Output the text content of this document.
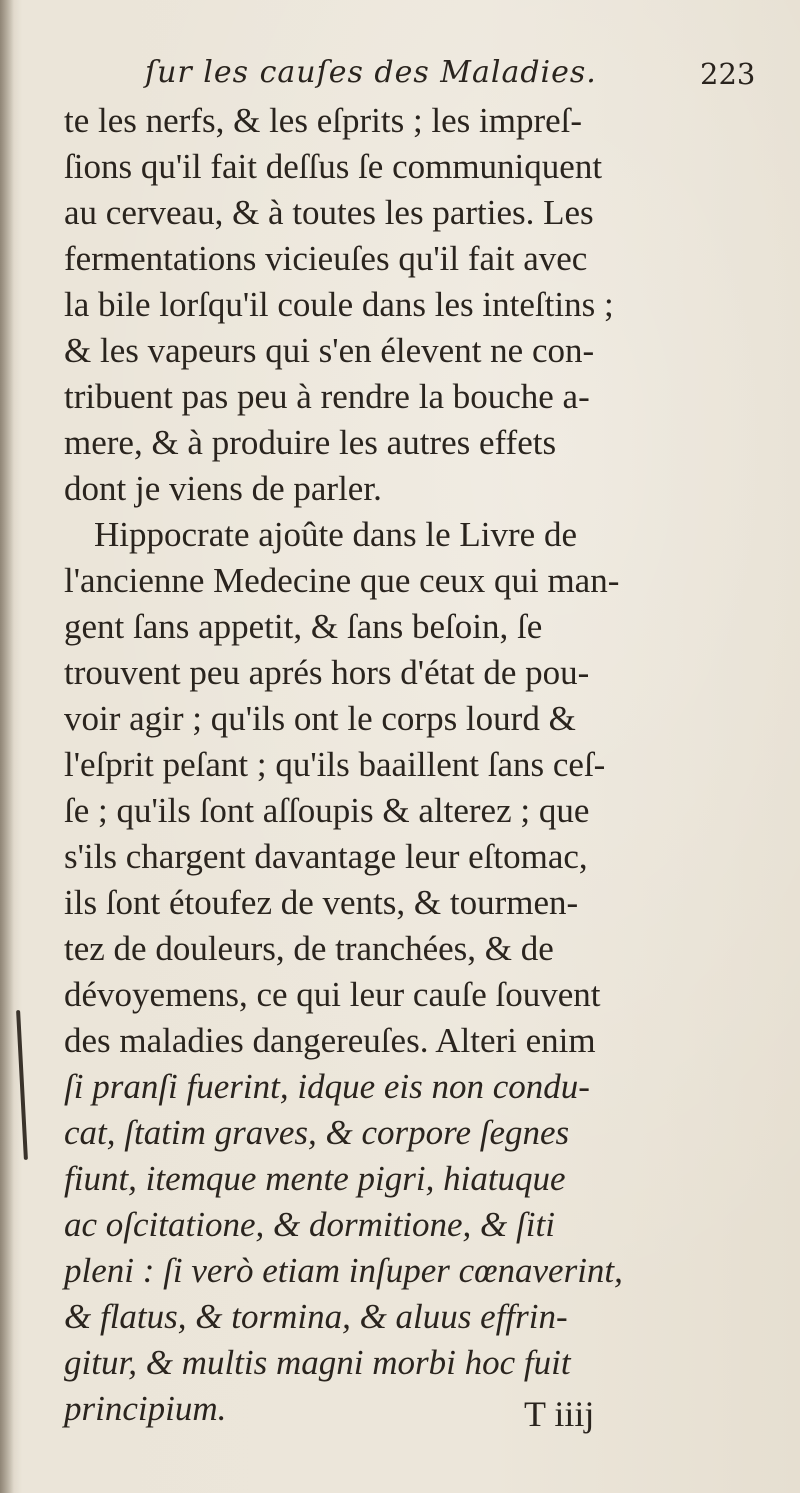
ſur les cauſes des Maladies.	223
te les nerfs, & les eſprits ; les impreſ-
ſions qu'il fait deſſus ſe communiquent
au cerveau, & à toutes les parties. Les
fermentations vicieuſes qu'il fait avec
la bile lorſqu'il coule dans les inteſtins ;
& les vapeurs qui s'en élevent ne con-
tribuent pas peu à rendre la bouche a-
mere, & à produire les autres effets
dont je viens de parler.
Hippocrate ajoûte dans le Livre de
l'ancienne Medecine que ceux qui man-
gent ſans appetit, & ſans beſoin, ſe
trouvent peu aprés hors d'état de pou-
voir agir ; qu'ils ont le corps lourd &
l'eſprit peſant ; qu'ils baaillent ſans ceſ-
ſe ; qu'ils ſont aſſoupis & alterez ; que
s'ils chargent davantage leur eſtomac,
ils ſont étoufez de vents, & tourmen-
tez de douleurs, de tranchées, & de
dévoyemens, ce qui leur cauſe ſouvent
des maladies dangereuſes. Alteri enim
ſi pranſi fuerint, idque eis non condu-
cat, ſtatim graves, & corpore ſegnes
fiunt, itemque mente pigri, hiatuque
ac oſcitatione, & dormitione, & ſiti
pleni : ſi verò etiam inſuper cœnaverint,
& flatus, & tormina, & aluus effrin-
gitur, & multis magni morbi hoc fuit
principium.	T iiij
